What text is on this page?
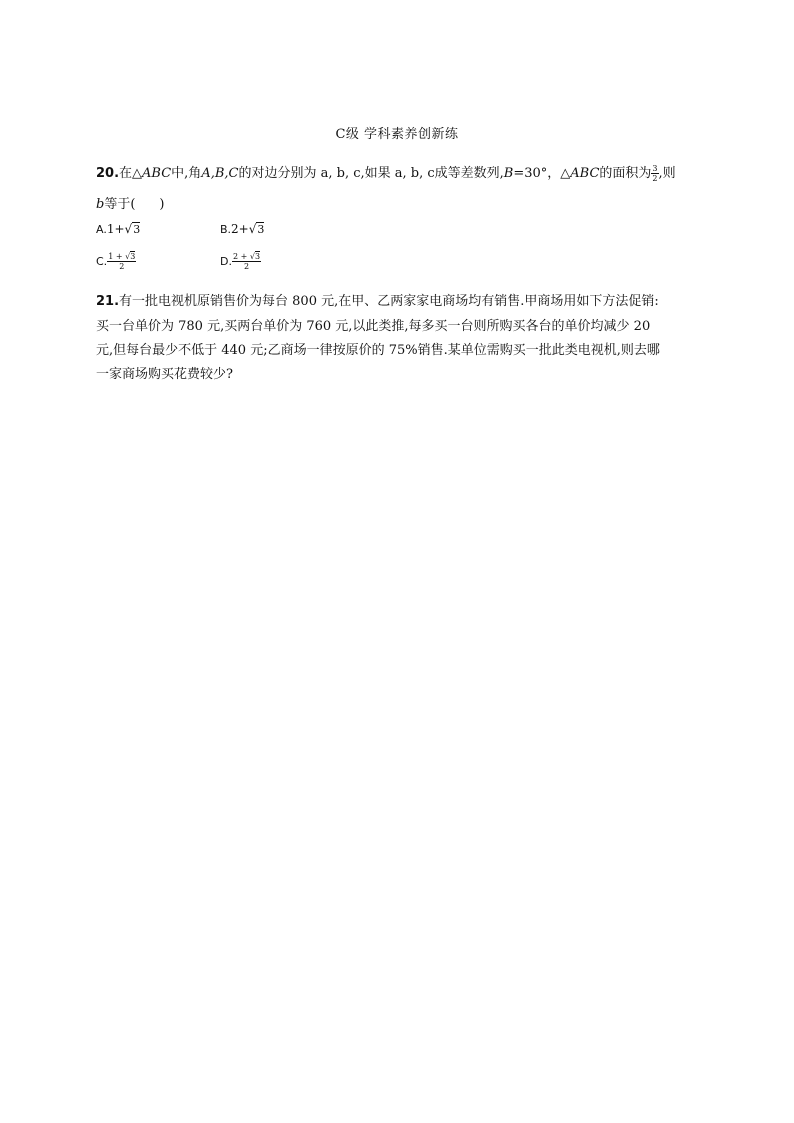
C级 学科素养创新练
20.在△ABC中,角A,B,C的对边分别为 a, b, c,如果 a, b, c成等差数列,B=30°，△ABC的面积为 $\frac{3}{2}$ ,则
b等于( )
A.1+√3	B.2+√3
C. $\frac{1 + √3}{2}$	D. $\frac{2 + √3}{2}$
21.有一批电视机原销售价为每台 800 元,在甲、乙两家家电商场均有销售.甲商场用如下方法促销:
买一台单价为 780 元,买两台单价为 760 元,以此类推,每多买一台则所购买各台的单价均减少 20
元,但每台最少不低于 440 元;乙商场一律按原价的 75%销售.某单位需购买一批此类电视机,则去哪
一家商场购买花费较少?
